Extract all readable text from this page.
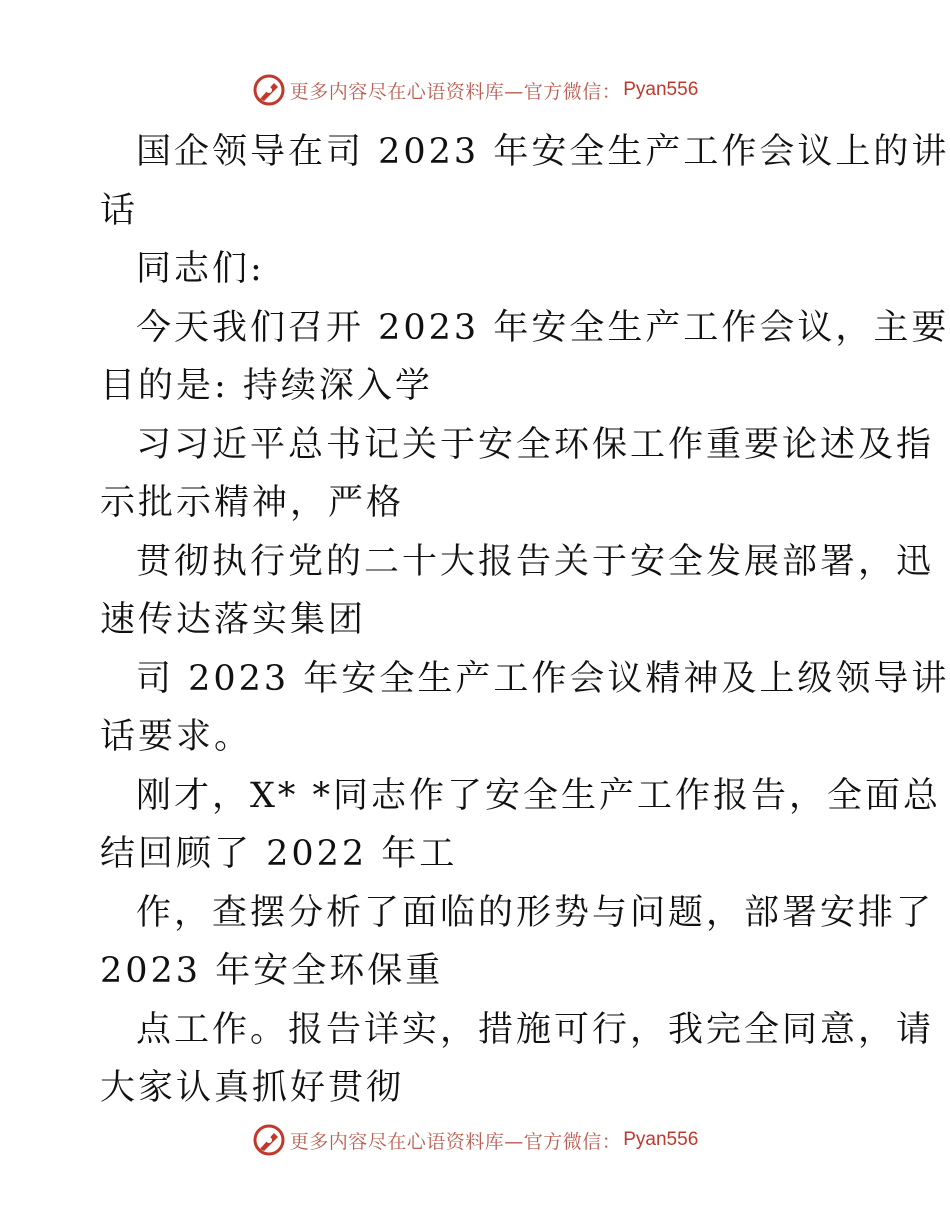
更多内容尽在心语资料库—官方微信： Pyan556

国企领导在司 2023 年安全生产工作会议上的讲

话

同志们:

今天我们召开 2023 年安全生产工作会议，主要

目的是: 持续深入学

习习近平总书记关于安全环保工作重要论述及指

示批示精神，严格

贯彻执行党的二十大报告关于安全发展部署，迅

速传达落实集团

司 2023 年安全生产工作会议精神及上级领导讲

话要求。

刚才，X* *同志作了安全生产工作报告，全面总

结回顾了 2022 年工

作，查摆分析了面临的形势与问题，部署安排了

2023 年安全环保重

点工作。报告详实，措施可行，我完全同意，请

大家认真抓好贯彻

更多内容尽在心语资料库—官方微信： Pyan556
